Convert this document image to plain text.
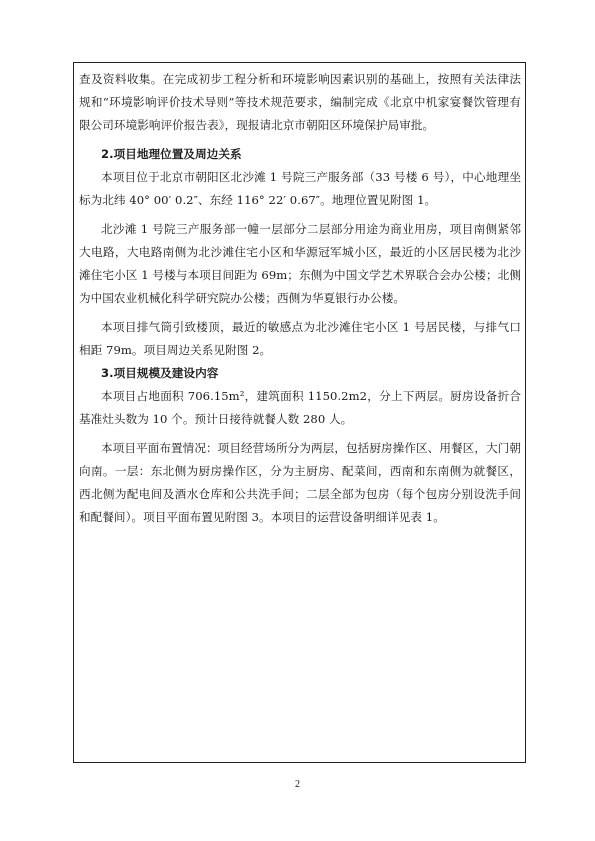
查及资料收集。在完成初步工程分析和环境影响因素识别的基础上，按照有关法律法规和“环境影响评价技术导则”等技术规范要求，编制完成《北京中机家宴餐饮管理有限公司环境影响评价报告表》，现报请北京市朝阳区环境保护局审批。

2.项目地理位置及周边关系

本项目位于北京市朝阳区北沙滩 1 号院三产服务部（33 号楼 6 号），中心地理坐标为北纬 40° 00′ 0.2″、东经 116° 22′ 0.67″。地理位置见附图 1。

北沙滩 1 号院三产服务部一幢一层部分二层部分用途为商业用房，项目南侧紧邻大电路，大电路南侧为北沙滩住宅小区和华源冠军城小区，最近的小区居民楼为北沙滩住宅小区 1 号楼与本项目间距为 69m；东侧为中国文学艺术界联合会办公楼；北侧为中国农业机械化科学研究院办公楼；西侧为华夏银行办公楼。

本项目排气筒引致楼顶，最近的敏感点为北沙滩住宅小区 1 号居民楼，与排气口相距 79m。项目周边关系见附图 2。

3.项目规模及建设内容

本项目占地面积 706.15m²，建筑面积 1150.2m2，分上下两层。厨房设备折合基准灶头数为 10 个。预计日接待就餐人数 280 人。

本项目平面布置情况：项目经营场所分为两层，包括厨房操作区、用餐区，大门朝向南。一层：东北侧为厨房操作区，分为主厨房、配菜间，西南和东南侧为就餐区，西北侧为配电间及酒水仓库和公共洗手间；二层全部为包房（每个包房分别设洗手间和配餐间）。项目平面布置见附图 3。本项目的运营设备明细详见表 1。

2
